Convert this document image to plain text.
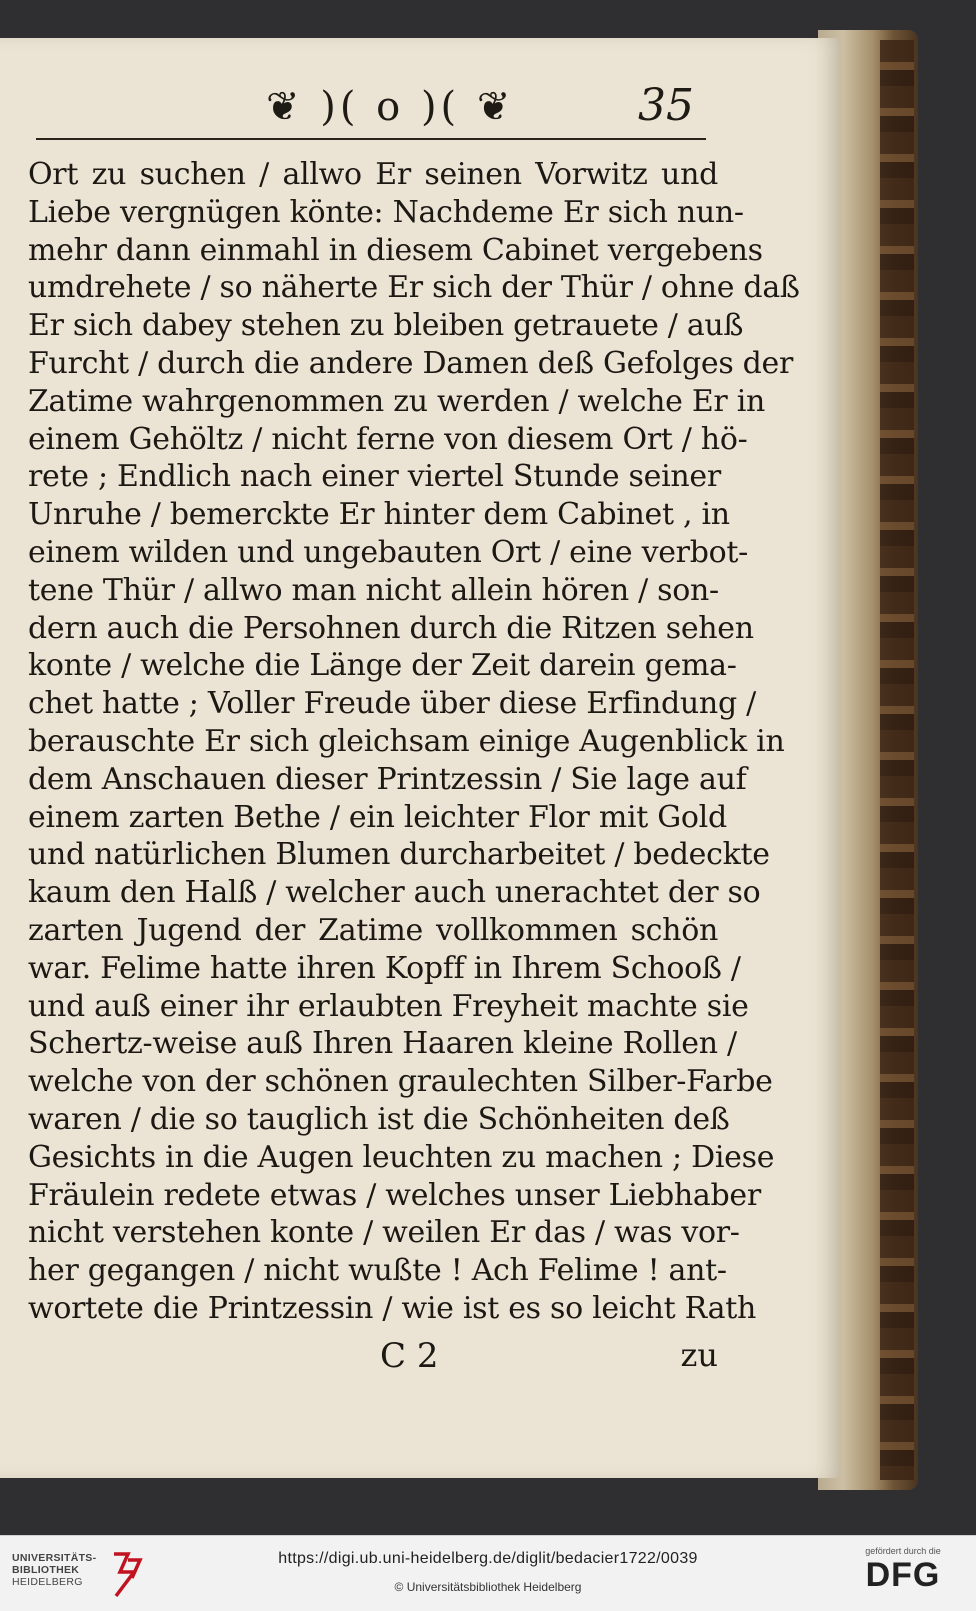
❦ )( o )( ❦	35
Ort zu suchen / allwo Er seinen Vorwitz und
Liebe vergnügen könte: Nachdeme Er sich nun-
mehr dann einmahl in diesem Cabinet vergebens
umdrehete / so näherte Er sich der Thür / ohne daß
Er sich dabey stehen zu bleiben getrauete / auß
Furcht / durch die andere Damen deß Gefolges der
Zatime wahrgenommen zu werden / welche Er in
einem Gehöltz / nicht ferne von diesem Ort / hö-
rete ; Endlich nach einer viertel Stunde seiner
Unruhe / bemerckte Er hinter dem Cabinet , in
einem wilden und ungebauten Ort / eine verbot-
tene Thür / allwo man nicht allein hören / son-
dern auch die Persohnen durch die Ritzen sehen
konte / welche die Länge der Zeit darein gema-
chet hatte ; Voller Freude über diese Erfindung /
berauschte Er sich gleichsam einige Augenblick in
dem Anschauen dieser Printzessin / Sie lage auf
einem zarten Bethe / ein leichter Flor mit Gold
und natürlichen Blumen durcharbeitet / bedeckte
kaum den Halß / welcher auch unerachtet der so
zarten Jugend der Zatime vollkommen schön
war. Felime hatte ihren Kopff in Ihrem Schooß /
und auß einer ihr erlaubten Freyheit machte sie
Schertz-weise auß Ihren Haaren kleine Rollen /
welche von der schönen graulechten Silber-Farbe
waren / die so tauglich ist die Schönheiten deß
Gesichts in die Augen leuchten zu machen ; Diese
Fräulein redete etwas / welches unser Liebhaber
nicht verstehen konte / weilen Er das / was vor-
her gegangen / nicht wußte ! Ach Felime ! ant-
wortete die Printzessin / wie ist es so leicht Rath
C 2	zu
UNIVERSITÄTS-
BIBLIOTHEK
HEIDELBERG
https://digi.ub.uni-heidelberg.de/diglit/bedacier1722/0039
© Universitätsbibliothek Heidelberg
gefördert durch die
DFG
